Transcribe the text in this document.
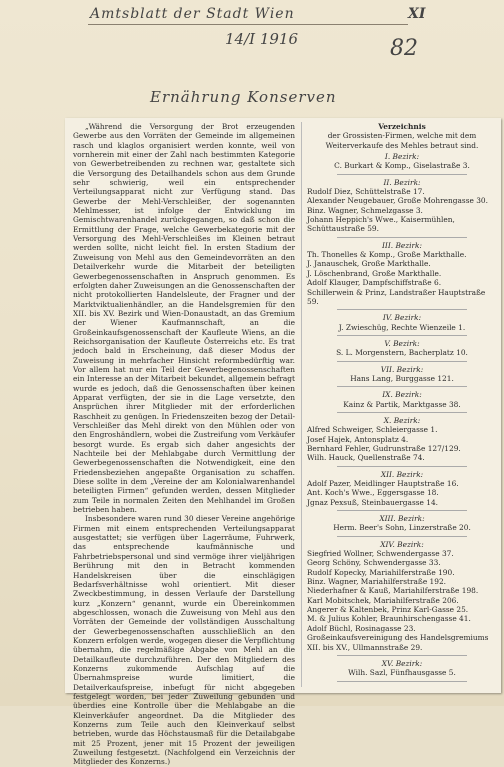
Amtsblatt der Stadt Wien	XI
14/I 1916	82
Ernährung Konserven

„Während die Versorgung der Brot erzeugenden Gewerbe aus den Vorräten der Gemeinde im allgemeinen rasch und klaglos organisiert werden konnte, weil von vornherein mit einer der Zahl nach bestimmten Kategorie von Gewerbetreibenden zu rechnen war, gestaltete sich die Versorgung des Detailhandels schon aus dem Grunde sehr schwierig, weil ein entsprechender Verteilungsapparat nicht zur Verfügung stand. Das Gewerbe der Mehl-Verschleißer, der sogenannten Mehlmesser, ist infolge der Entwicklung im Gemischtwarenhandel zurückgegangen, so daß schon die Ermittlung der Frage, welche Gewerbekategorie mit der Versorgung des Mehl-Verschleißes im Kleinen betraut werden sollte, nicht leicht fiel. In ersten Stadium der Zuweisung von Mehl aus den Gemeindevorräten an den Detailverkehr wurde die Mitarbeit der beteiligten Gewerbegenossenschaften in Anspruch genommen. Es erfolgten daher Zuweisungen an die Genossenschaften der nicht protokollierten Handelsleute, der Fragner und der Marktviktualienhändler, an die Handelsgremien für den XII. bis XV. Bezirk und Wien-Donaustadt, an das Gremium der Wiener Kaufmannschaft, an die Großeinkaufsgenossenschaft der Kaufleute Wiens, an die Reichsorganisation der Kaufleute Österreichs etc. Es trat jedoch bald in Erscheinung, daß dieser Modus der Zuweisung in mehrfacher Hinsicht reformbedürftig war. Vor allem hat nur ein Teil der Gewerbegenossenschaften ein Interesse an der Mitarbeit bekundet, allgemein befragt wurde es jedoch, daß die Genossenschaften über keinen Apparat verfügten, der sie in die Lage versetzte, den Ansprüchen ihrer Mitglieder mit der erforderlichen Raschheit zu genügen. In Friedenszeiten bezog der Detail-Verschleißer das Mehl direkt von den Mühlen oder von den Engroshändlern, wobei die Zustreifung vom Verkäufer besorgt wurde. Es ergab sich daher angesichts der Nachteile bei der Mehlabgabe durch Vermittlung der Gewerbegenossenschaften die Notwendigkeit, eine den Friedensbeziehen angepaßte Organisation zu schaffen. Diese sollte in dem „Vereine der am Kolonialwarenhandel beteiligten Firmen“ gefunden werden, dessen Mitglieder zum Teile in normalen Zeiten den Mehlhandel im Großen betrieben haben.

Insbesondere waren rund 30 dieser Vereine angehörige Firmen mit einem entsprechenden Verteilungsapparat ausgestattet; sie verfügen über Lagerräume, Fuhrwerk, das entsprechende kaufmännische und Fahrbetriebspersonal und sind vermöge ihrer vieljährigen Berührung mit den in Betracht kommenden Handelskreisen über die einschlägigen Bedarfsverhältnisse wohl orientiert. Mit dieser Zweckbestimmung, in dessen Verlaufe der Darstellung kurz „Konzern“ genannt, wurde ein Übereinkommen abgeschlossen, wonach die Zuweisung von Mehl aus den Vorräten der Gemeinde der vollständigen Ausschaltung der Gewerbegenossenschaften ausschließlich an den Konzern erfolgen werde, wogegen dieser die Verpflichtung übernahm, die regelmäßige Abgabe von Mehl an die Detailkaufleute durchzuführen. Der den Mitgliedern des Konzerns zukommende Aufschlag auf die Übernahmspreise wurde limitiert, die Detailverkaufspreise, inbefugt für nicht abgegeben festgelegt worden, bei jeder Zuweilung gebunden und überdies eine Kontrolle über die Mehlabgabe an die Kleinverkäufer angeordnet. Da die Mitglieder des Konzerns zum Teile auch den Kleinverkauf selbst betrieben, wurde das Höchstausmaß für die Detailabgabe mit 25 Prozent, jener mit 15 Prozent der jeweiligen Zuweilung festgesetzt. (Nachfolgend ein Verzeichnis der Mitglieder des Konzerns.)

Verzeichnis
der Grossisten-Firmen, welche mit dem Weiterverkaufe des Mehles betraut sind.
I. Bezirk:
C. Burkart & Komp., Giselastraße 3.
II. Bezirk:
Rudolf Diez, Schüttelstraße 17.
Alexander Neugebauer, Große Mohrengasse 30.
Binz. Wagner, Schmelzgasse 3.
Johann Heppich's Wwe., Kaisermühlen, Schüttaustraße 59.
III. Bezirk:
Th. Thonelles & Komp., Große Markthalle.
J. Janauschek, Große Markthalle.
J. Löschenbrand, Große Markthalle.
Adolf Klauger, Dampfschiffstraße 6.
Schillerwein & Prinz, Landstraßer Hauptstraße 59.
IV. Bezirk:
J. Zwieschüg, Rechte Wienzeile 1.
V. Bezirk:
S. L. Morgenstern, Bacherplatz 10.
VII. Bezirk:
Hans Lang, Burggasse 121.
IX. Bezirk:
Kainz & Partik, Marktgasse 38.
X. Bezirk:
Alfred Schweiger, Schleiergasse 1.
Josef Hajek, Antonsplatz 4.
Bernhard Fehler, Gudrunstraße 127/129.
Wilh. Hauck, Quellenstraße 74.
XII. Bezirk:
Adolf Pazer, Meidlinger Hauptstraße 16.
Ant. Koch's Wwe., Eggersgasse 18.
Jgnaz Pexsuß, Steinbauergasse 14.
XIII. Bezirk:
Herm. Beer's Sohn, Linzerstraße 20.
XIV. Bezirk:
Siegfried Wollner, Schwendergasse 37.
Georg Schöny, Schwendergasse 33.
Rudolf Kopecky, Mariahilferstraße 190.
Binz. Wagner, Mariahilferstraße 192.
Niederhafner & Kauß, Mariahilferstraße 198.
Karl Mobitschek, Mariahilferstraße 206.
Angerer & Kaltenbek, Prinz Karl-Gasse 25.
M. & Julius Kohler, Braunhirschengasse 41.
Adolf Büchl, Rosinagasse 23.
Großeinkaufsvereinigung des Handelsgremiums XII. bis XV., Ullmannstraße 29.
XV. Bezirk:
Wilh. Sazl, Fünfhausgasse 5.
